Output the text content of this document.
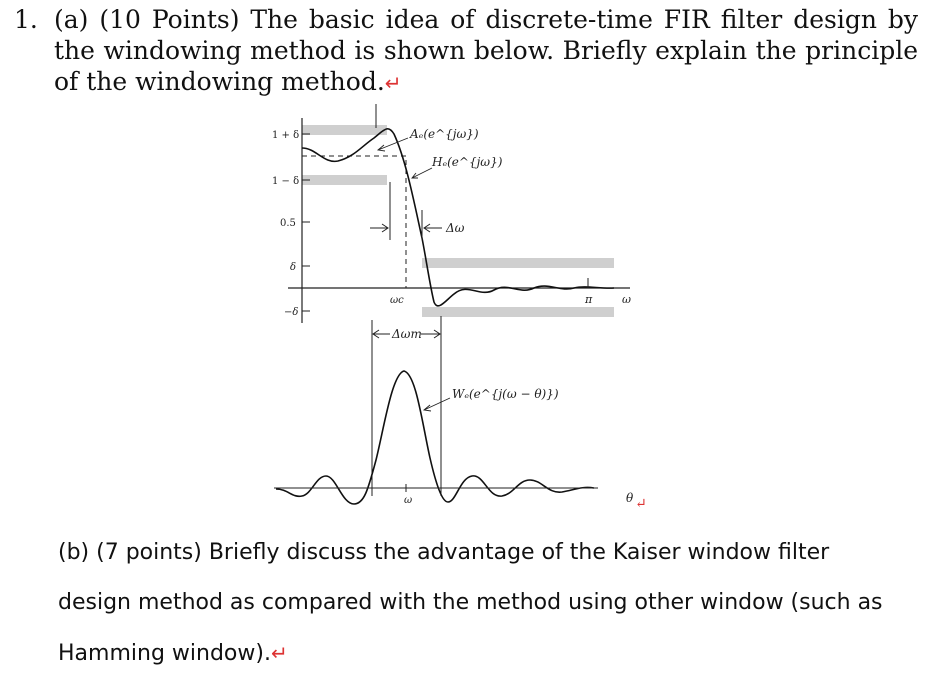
1. (a) (10 Points) The basic idea of discrete-time FIR filter design by the windowing method is shown below. Briefly explain the principle of the windowing method.↵
1 + δ
1 − δ
0.5
δ
−δ
Δω
Aₑ(e^{jω})
Hₑ(e^{jω})
ωc	π	ω
Δωm
ω
Wₑ(e^{j(ω − θ)})
θ ↵
(b) (7 points) Briefly discuss the advantage of the Kaiser window filter design method as compared with the method using other window (such as Hamming window).↵
